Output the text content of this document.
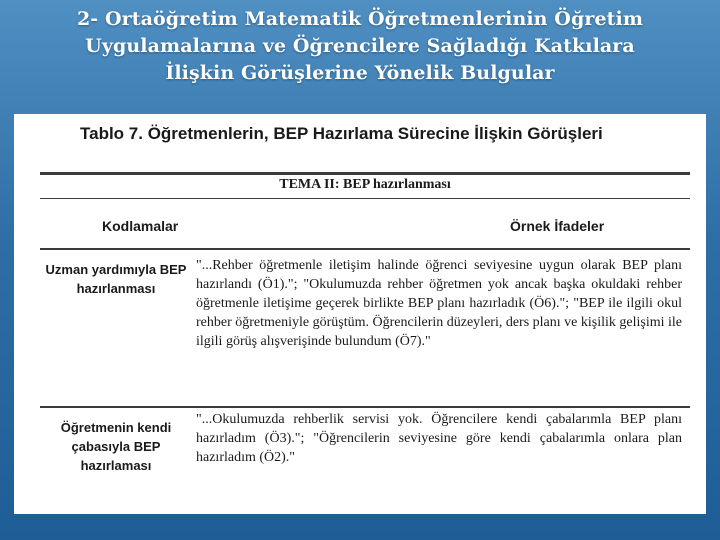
2- Ortaöğretim Matematik Öğretmenlerinin Öğretim
Uygulamalarına ve Öğrencilere Sağladığı Katkılara
İlişkin Görüşlerine Yönelik Bulgular
Tablo 7. Öğretmenlerin, BEP Hazırlama Sürecine İlişkin Görüşleri
TEMA II: BEP hazırlanması
Kodlamalar	Örnek İfadeler
Uzman yardımıyla BEP hazırlanması
"...Rehber öğretmenle iletişim halinde öğrenci seviyesine uygun olarak BEP planı hazırlandı (Ö1)."; "Okulumuzda rehber öğretmen yok ancak başka okuldaki rehber öğretmenle iletişime geçerek birlikte BEP planı hazırladık (Ö6)."; "BEP ile ilgili okul rehber öğretmeniyle görüştüm. Öğrencilerin düzeyleri, ders planı ve kişilik gelişimi ile ilgili görüş alışverişinde bulundum (Ö7)."
Öğretmenin kendi çabasıyla BEP hazırlaması
"...Okulumuzda rehberlik servisi yok. Öğrencilere kendi çabalarımla BEP planı hazırladım (Ö3)."; "Öğrencilerin seviyesine göre kendi çabalarımla onlara plan hazırladım (Ö2)."
